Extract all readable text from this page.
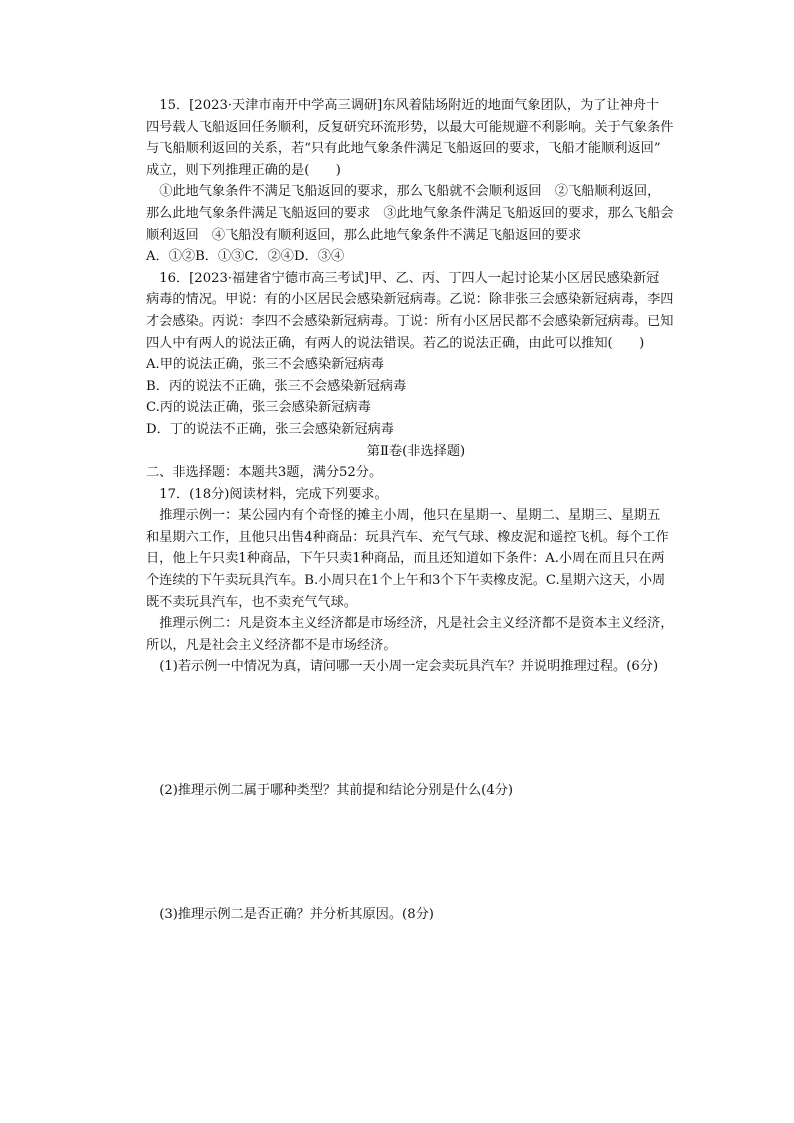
15．[2023·天津市南开中学高三调研]东风着陆场附近的地面气象团队，为了让神舟十

四号载人飞船返回任务顺利，反复研究环流形势，以最大可能规避不利影响。关于气象条件

与飞船顺利返回的关系，若“只有此地气象条件满足飞船返回的要求，飞船才能顺利返回”

成立，则下列推理正确的是(　　)

①此地气象条件不满足飞船返回的要求，那么飞船就不会顺利返回　②飞船顺利返回，

那么此地气象条件满足飞船返回的要求　③此地气象条件满足飞船返回的要求，那么飞船会

顺利返回　④飞船没有顺利返回，那么此地气象条件不满足飞船返回的要求

A．①②B．①③C．②④D．③④

16．[2023·福建省宁德市高三考试]甲、乙、丙、丁四人一起讨论某小区居民感染新冠

病毒的情况。甲说：有的小区居民会感染新冠病毒。乙说：除非张三会感染新冠病毒，李四

才会感染。丙说：李四不会感染新冠病毒。丁说：所有小区居民都不会感染新冠病毒。已知

四人中有两人的说法正确，有两人的说法错误。若乙的说法正确，由此可以推知(　　)

A.甲的说法正确，张三不会感染新冠病毒

B．丙的说法不正确，张三不会感染新冠病毒

C.丙的说法正确，张三会感染新冠病毒

D．丁的说法不正确，张三会感染新冠病毒

第Ⅱ卷(非选择题)

二、非选择题：本题共3题，满分52分。

17．(18分)阅读材料，完成下列要求。

推理示例一：某公园内有个奇怪的摊主小周，他只在星期一、星期二、星期三、星期五

和星期六工作，且他只出售4种商品：玩具汽车、充气气球、橡皮泥和遥控飞机。每个工作

日，他上午只卖1种商品，下午只卖1种商品，而且还知道如下条件：A.小周在而且只在两

个连续的下午卖玩具汽车。B.小周只在1个上午和3个下午卖橡皮泥。C.星期六这天，小周

既不卖玩具汽车，也不卖充气气球。

推理示例二：凡是资本主义经济都是市场经济，凡是社会主义经济都不是资本主义经济，

所以，凡是社会主义经济都不是市场经济。

(1)若示例一中情况为真，请问哪一天小周一定会卖玩具汽车？并说明推理过程。(6分)

(2)推理示例二属于哪种类型？其前提和结论分别是什么(4分)

(3)推理示例二是否正确？并分析其原因。(8分)
